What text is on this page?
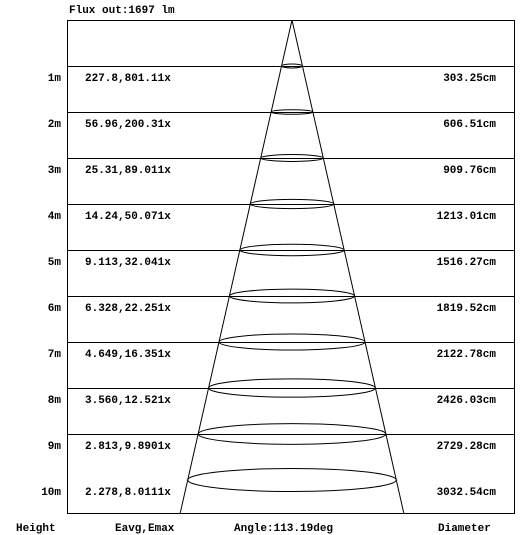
Flux out:1697 lm
1m 227.8,801.11x	303.25cm
2m 56.96,200.31x	606.51cm
3m 25.31,89.011x	909.76cm
4m 14.24,50.071x	1213.01cm
5m 9.113,32.041x	1516.27cm
6m 6.328,22.251x	1819.52cm
7m 4.649,16.351x	2122.78cm
8m 3.560,12.521x	2426.03cm
9m 2.813,9.8901x	2729.28cm
10m 2.278,8.0111x	3032.54cm
Height	Eavg,Emax	Angle:113.19deg	Diameter
